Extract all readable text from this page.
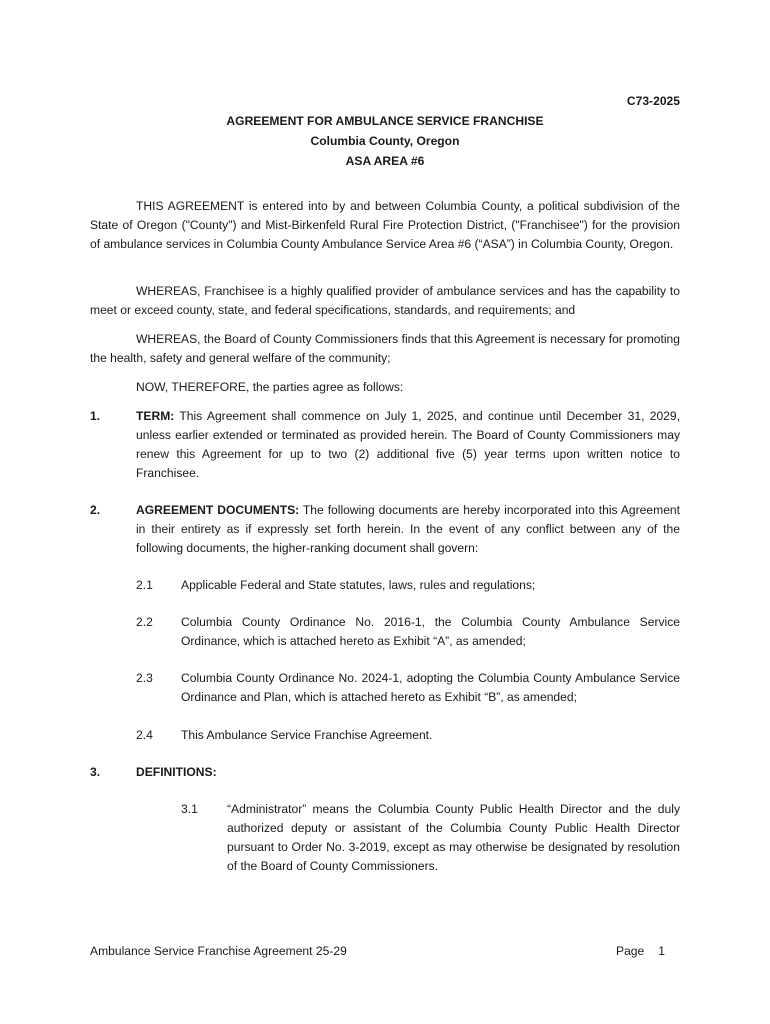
C73-2025
AGREEMENT FOR AMBULANCE SERVICE FRANCHISE
Columbia County, Oregon
ASA AREA #6
THIS AGREEMENT is entered into by and between Columbia County, a political subdivision of the State of Oregon ("County") and Mist-Birkenfeld Rural Fire Protection District, ("Franchisee") for the provision of ambulance services in Columbia County Ambulance Service Area #6 (“ASA”) in Columbia County, Oregon.
WHEREAS, Franchisee is a highly qualified provider of ambulance services and has the capability to meet or exceed county, state, and federal specifications, standards, and requirements; and
WHEREAS, the Board of County Commissioners finds that this Agreement is necessary for promoting the health, safety and general welfare of the community;
NOW, THEREFORE, the parties agree as follows:
1.	TERM: This Agreement shall commence on July 1, 2025, and continue until December 31, 2029, unless earlier extended or terminated as provided herein. The Board of County Commissioners may renew this Agreement for up to two (2) additional five (5) year terms upon written notice to Franchisee.
2.	AGREEMENT DOCUMENTS: The following documents are hereby incorporated into this Agreement in their entirety as if expressly set forth herein. In the event of any conflict between any of the following documents, the higher-ranking document shall govern:
2.1 Applicable Federal and State statutes, laws, rules and regulations;
2.2 Columbia County Ordinance No. 2016-1, the Columbia County Ambulance Service Ordinance, which is attached hereto as Exhibit “A”, as amended;
2.3 Columbia County Ordinance No. 2024-1, adopting the Columbia County Ambulance Service Ordinance and Plan, which is attached hereto as Exhibit “B”, as amended;
2.4 This Ambulance Service Franchise Agreement.
3.	DEFINITIONS:
3.1 “Administrator” means the Columbia County Public Health Director and the duly authorized deputy or assistant of the Columbia County Public Health Director pursuant to Order No. 3-2019, except as may otherwise be designated by resolution of the Board of County Commissioners.
Ambulance Service Franchise Agreement 25-29	Page 1
